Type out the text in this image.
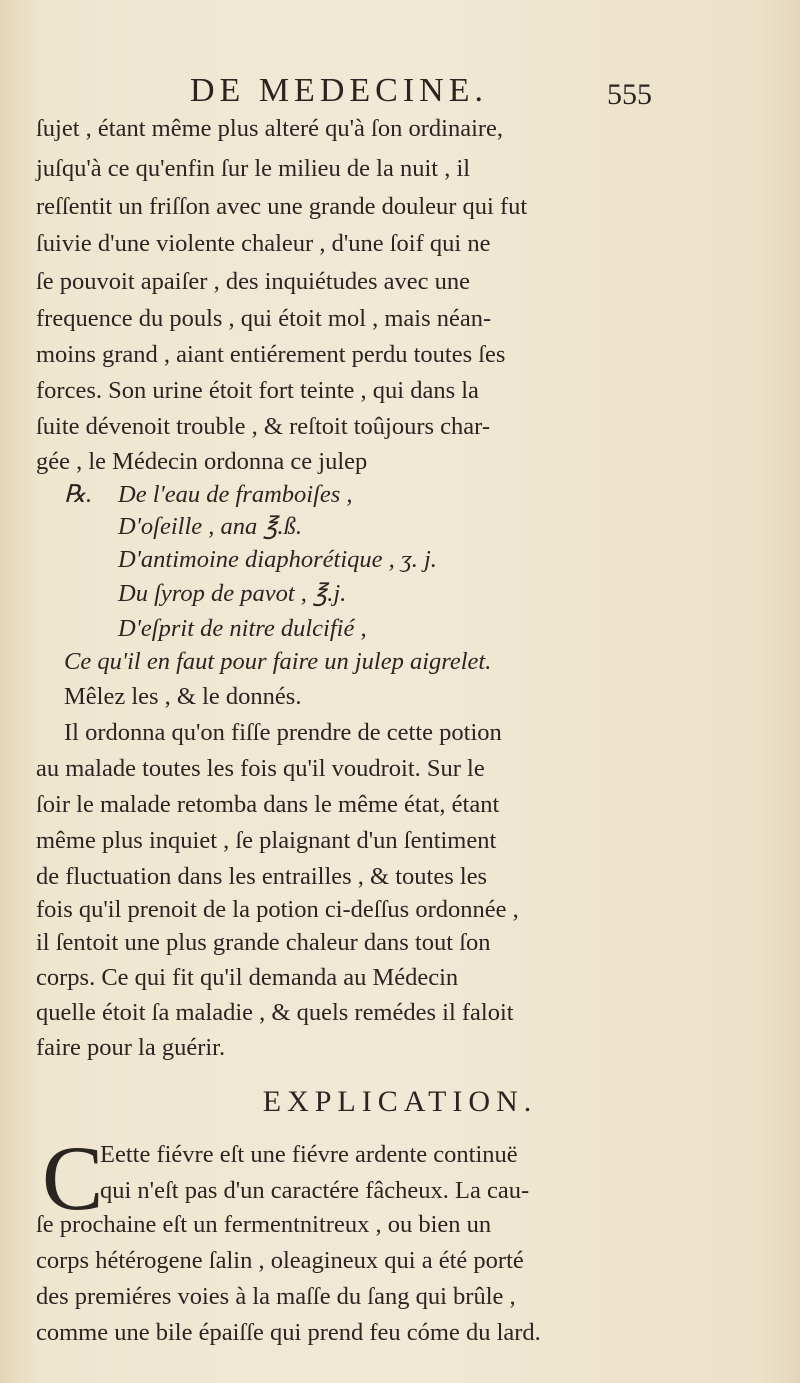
DE MEDECINE.	555
ſujet , étant même plus alteré qu'à ſon ordinaire,
juſqu'à ce qu'enfin ſur le milieu de la nuit , il
reſſentit un friſſon avec une grande douleur qui fut
ſuivie d'une violente chaleur , d'une ſoif qui ne
ſe pouvoit apaiſer , des inquiétudes avec une
frequence du pouls , qui étoit mol , mais néan-
moins grand , aiant entiérement perdu toutes ſes
forces. Son urine étoit fort teinte , qui dans la
ſuite dévenoit trouble , & reſtoit toûjours char-
gée , le Médecin ordonna ce julep
℞.	De l'eau de framboiſes ,
D'oſeille , ana ℥.ß.
D'antimoine diaphorétique , ʒ. j.
Du ſyrop de pavot , ℥.j.
D'eſprit de nitre dulcifié ,
Ce qu'il en faut pour faire un julep aigrelet.
Mêlez les , & le donnés.
Il ordonna qu'on fiſſe prendre de cette potion
au malade toutes les fois qu'il voudroit. Sur le
ſoir le malade retomba dans le même état, étant
même plus inquiet , ſe plaignant d'un ſentiment
de fluctuation dans les entrailles , & toutes les
fois qu'il prenoit de la potion ci-deſſus ordonnée ,
il ſentoit une plus grande chaleur dans tout ſon
corps. Ce qui fit qu'il demanda au Médecin
quelle étoit ſa maladie , & quels remédes il faloit
faire pour la guérir.
EXPLICATION.
C
Eette fiévre eſt une fiévre ardente continuë
qui n'eſt pas d'un caractére fâcheux. La cau-
ſe prochaine eſt un fermentnitreux , ou bien un
corps hétérogene ſalin , oleagineux qui a été porté
des premiéres voies à la maſſe du ſang qui brûle ,
comme une bile épaiſſe qui prend feu cóme du lard.
